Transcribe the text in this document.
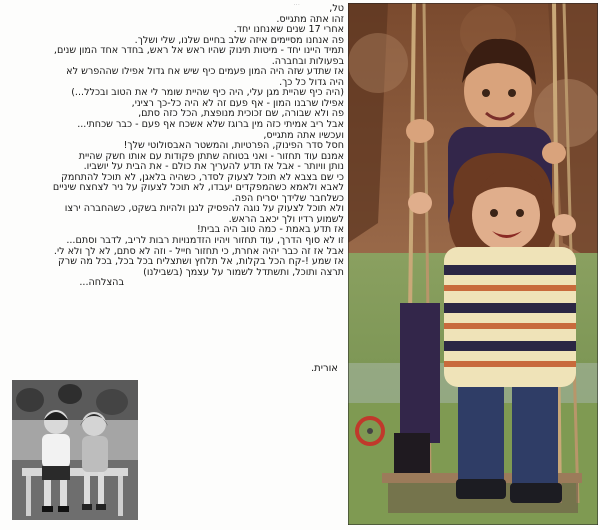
...	טל,

זהו אתה מתגייס.

אחרי 17 שנים שאנחנו יחד.

פה אנחנו מסיימים איזה שלב בחיים שלנו, שלי ושלך.

תמיד היינו יחד - מיטות תינוק שהיו ראש אל ראש, בחדר אחד המון שנים,

בפעולות ובחברה.

אז שתדע שזה היה המון פעמים כיף שיש אח גדול אפילו שההפרש לא

היה גדול כל כך.

(היה כיף שהיית מגן עלי, היה כיף שהיית שומר לי את הטוב ובכלל...)

אפילו שרבנו המון - אף פעם זה לא היה כל-כך רציני,

פה ולא שבורה, שם זכוכית מנופצת, הכל כזה סתם,

אבל ריב אמיתי כזה מין ברוגז שלא אשכח אף פעם - כבר שכחתי...

ועכשיו אתה מתגייס,

חסל סדר הפינוק, הפרטיות, והמשטר האבסולוטי שלך!

אמנם עוד תחזור - ואני בטוחה שתתן פקודות עם אותו חשק שהיית

נותן וויותר - אבל אז תדע להעריך את כולם - את הבית על יושביו.

כי שם בצבא לא תוכל לצעוק לסדר, כשהיה בלאגן, לא תוכל להתחמק

לאבא ולאמא כשהמפקדים יעבדו, לא תוכל לצעוק על ניר לצחצח שיניים

כשלחבר שלידך יסריח הפה.

ולא תוכל לצעוק על נוגה להפסיק לנגן ולהיות בשקט, כשהחברה ירצו

לשמוע רדיו ולך יכאב הראש.

אז תדע באמת - כמה טוב היה בבית!

זו לא סוף הדרך, עוד תחזור ויהיו הזדמנויות רבות לריב, לדבר וסתם...

אבל אז זה כבר יהיה אחרת, כי תחזור חייל - וזה לא סתם, לא לך ולא לי.

אז שמע !-קח הכל בקלות, אל תלחץ ושתצליח בכל בכל, בכל מה שרק

תרצה ותוכל, ותשתדל לשמור על עצמך (בשבילנו)

בהצלחה...

אורית.
